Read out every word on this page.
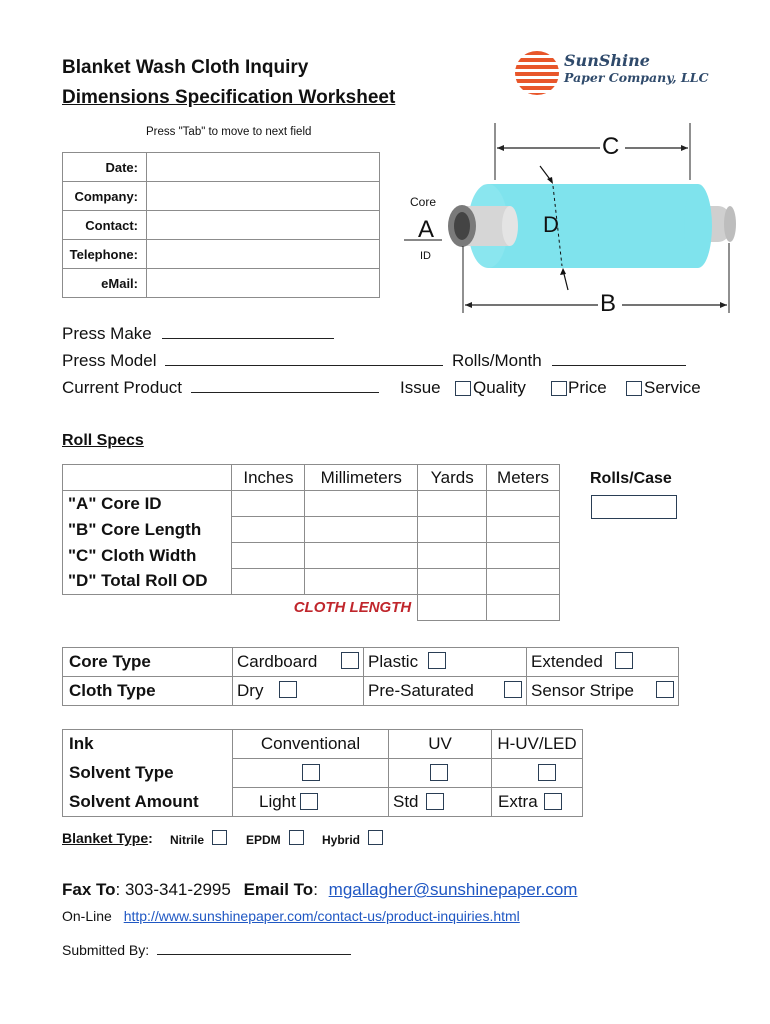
Blanket Wash Cloth Inquiry
Dimensions Specification Worksheet
SunShine
Paper Company, LLC
Press "Tab" to move to next field
Date:	
Company:	
Contact:	
Telephone:	
eMail:	
C
B
D
Core
A
ID
Press Make
Press Model	Rolls/Month
Current Product	Issue Quality Price Service
Roll Specs
	Inches	Millimeters	Yards	Meters
"A" Core ID				
"B" Core Length				
"C" Cloth Width				
"D" Total Roll OD				
CLOTH LENGTH				
Rolls/Case
Core Type	Cardboard	Plastic	Extended

Cloth Type	Dry	Pre-Saturated	Sensor Stripe
Ink	Conventional	UV	H-UV/LED
Solvent Type	

Solvent Amount	Light	Std	Extra
Blanket Type: Nitrile	EPDM	Hybrid
Fax To: 303-341-2995 Email To: mgallagher@sunshinepaper.com
On-Line http://www.sunshinepaper.com/contact-us/product-inquiries.html
Submitted By:
